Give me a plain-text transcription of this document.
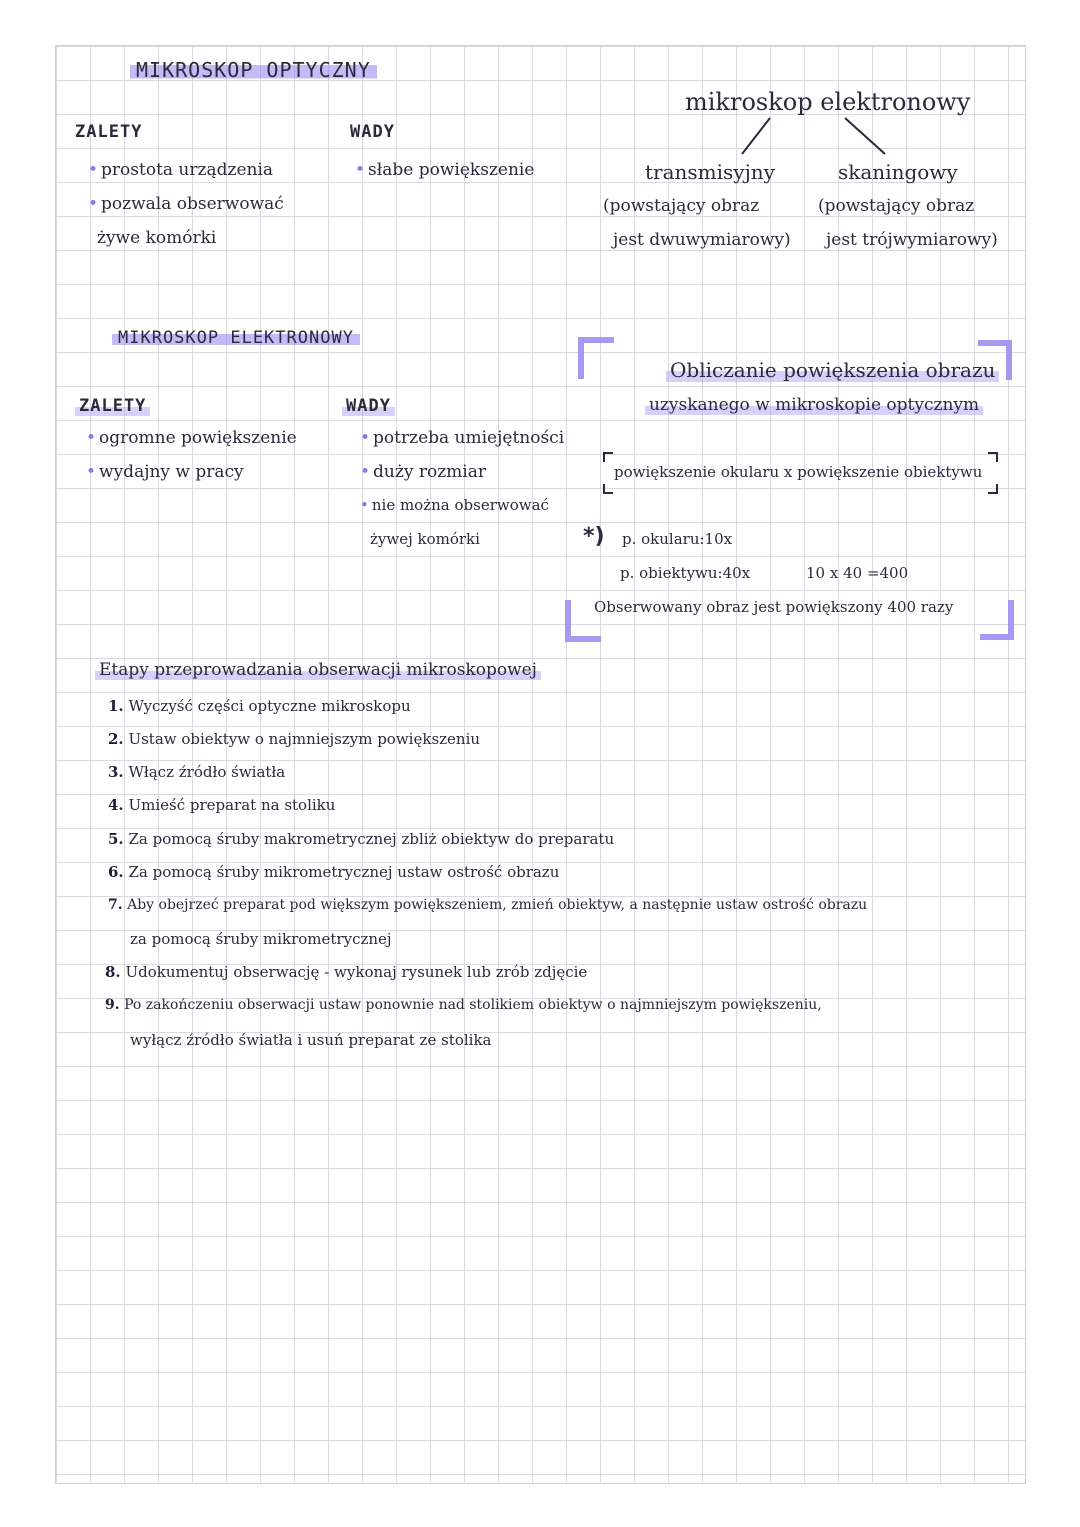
MIKROSKOP OPTYCZNY
ZALETY
• prostota urządzenia
• pozwala obserwować
żywe komórki
WADY
• słabe powiększenie
mikroskop elektronowy
transmisyjny
(powstający obraz
jest dwuwymiarowy)
skaningowy
(powstający obraz
jest trójwymiarowy)
MIKROSKOP ELEKTRONOWY
ZALETY
• ogromne powiększenie
• wydajny w pracy
WADY
• potrzeba umiejętności
• duży rozmiar
• nie można obserwować
żywej komórki
Obliczanie powiększenia obrazu
uzyskanego w mikroskopie optycznym
powiększenie okularu x powiększenie obiektywu
*) p. okularu:10x
p. obiektywu:40x	10 x 40 =400
Obserwowany obraz jest powiększony 400 razy
Etapy przeprowadzania obserwacji mikroskopowej
1. Wyczyść części optyczne mikroskopu
2. Ustaw obiektyw o najmniejszym powiększeniu
3. Włącz źródło światła
4. Umieść preparat na stoliku
5. Za pomocą śruby makrometrycznej zbliż obiektyw do preparatu
6. Za pomocą śruby mikrometrycznej ustaw ostrość obrazu
7. Aby obejrzeć preparat pod większym powiększeniem, zmień obiektyw, a następnie ustaw ostrość obrazu
za pomocą śruby mikrometrycznej
8. Udokumentuj obserwację - wykonaj rysunek lub zrób zdjęcie
9. Po zakończeniu obserwacji ustaw ponownie nad stolikiem obiektyw o najmniejszym powiększeniu,
wyłącz źródło światła i usuń preparat ze stolika
